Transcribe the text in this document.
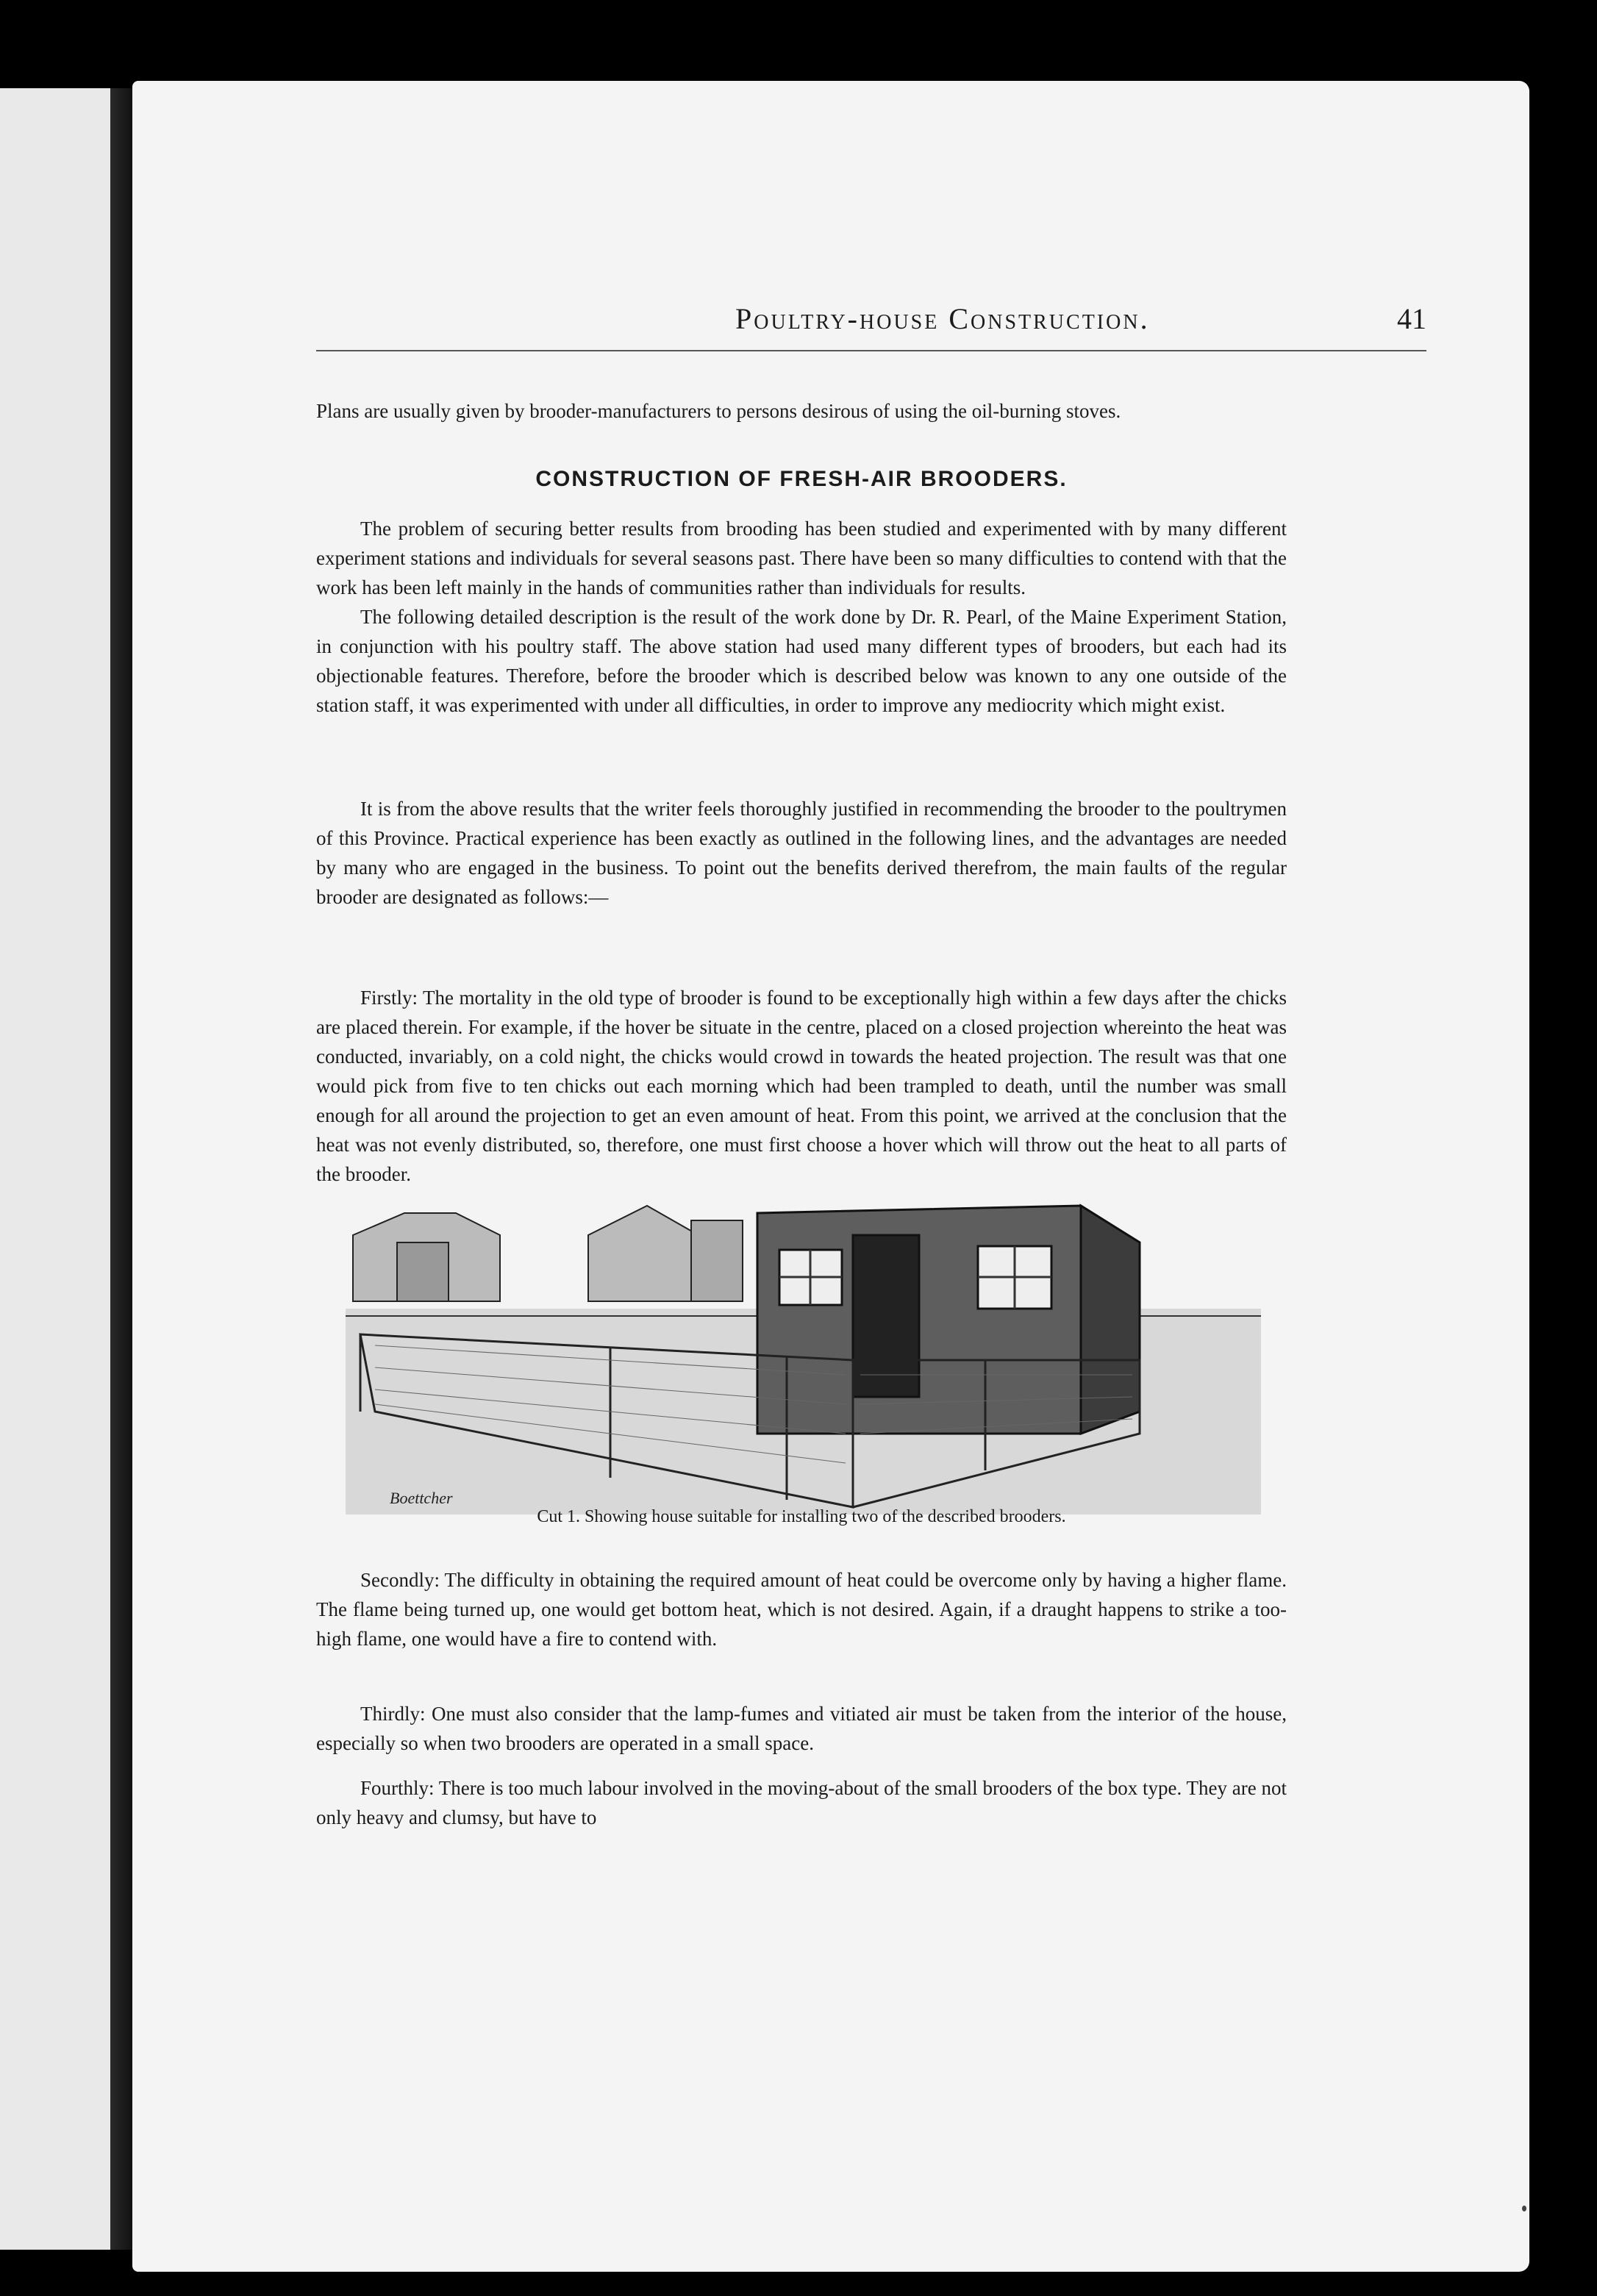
Poultry-house Construction.	41

Plans are usually given by brooder-manufacturers to persons desirous of using the oil-burning stoves.

CONSTRUCTION OF FRESH-AIR BROODERS.

The problem of securing better results from brooding has been studied and experimented with by many different experiment stations and individuals for several seasons past. There have been so many difficulties to contend with that the work has been left mainly in the hands of communities rather than individuals for results.

The following detailed description is the result of the work done by Dr. R. Pearl, of the Maine Experiment Station, in conjunction with his poultry staff. The above station had used many different types of brooders, but each had its objectionable features. Therefore, before the brooder which is described below was known to any one outside of the station staff, it was experimented with under all difficulties, in order to improve any mediocrity which might exist.

It is from the above results that the writer feels thoroughly justified in recommending the brooder to the poultrymen of this Province. Practical experience has been exactly as outlined in the following lines, and the advantages are needed by many who are engaged in the business. To point out the benefits derived therefrom, the main faults of the regular brooder are designated as follows:—

Firstly: The mortality in the old type of brooder is found to be exceptionally high within a few days after the chicks are placed therein. For example, if the hover be situate in the centre, placed on a closed projection whereinto the heat was conducted, invariably, on a cold night, the chicks would crowd in towards the heated projection. The result was that one would pick from five to ten chicks out each morning which had been trampled to death, until the number was small enough for all around the projection to get an even amount of heat. From this point, we arrived at the conclusion that the heat was not evenly distributed, so, therefore, one must first choose a hover which will throw out the heat to all parts of the brooder.

Boettcher
Cut 1. Showing house suitable for installing two of the described brooders.

Secondly: The difficulty in obtaining the required amount of heat could be overcome only by having a higher flame. The flame being turned up, one would get bottom heat, which is not desired. Again, if a draught happens to strike a too-high flame, one would have a fire to contend with.

Thirdly: One must also consider that the lamp-fumes and vitiated air must be taken from the interior of the house, especially so when two brooders are operated in a small space.

Fourthly: There is too much labour involved in the moving-about of the small brooders of the box type. They are not only heavy and clumsy, but have to
